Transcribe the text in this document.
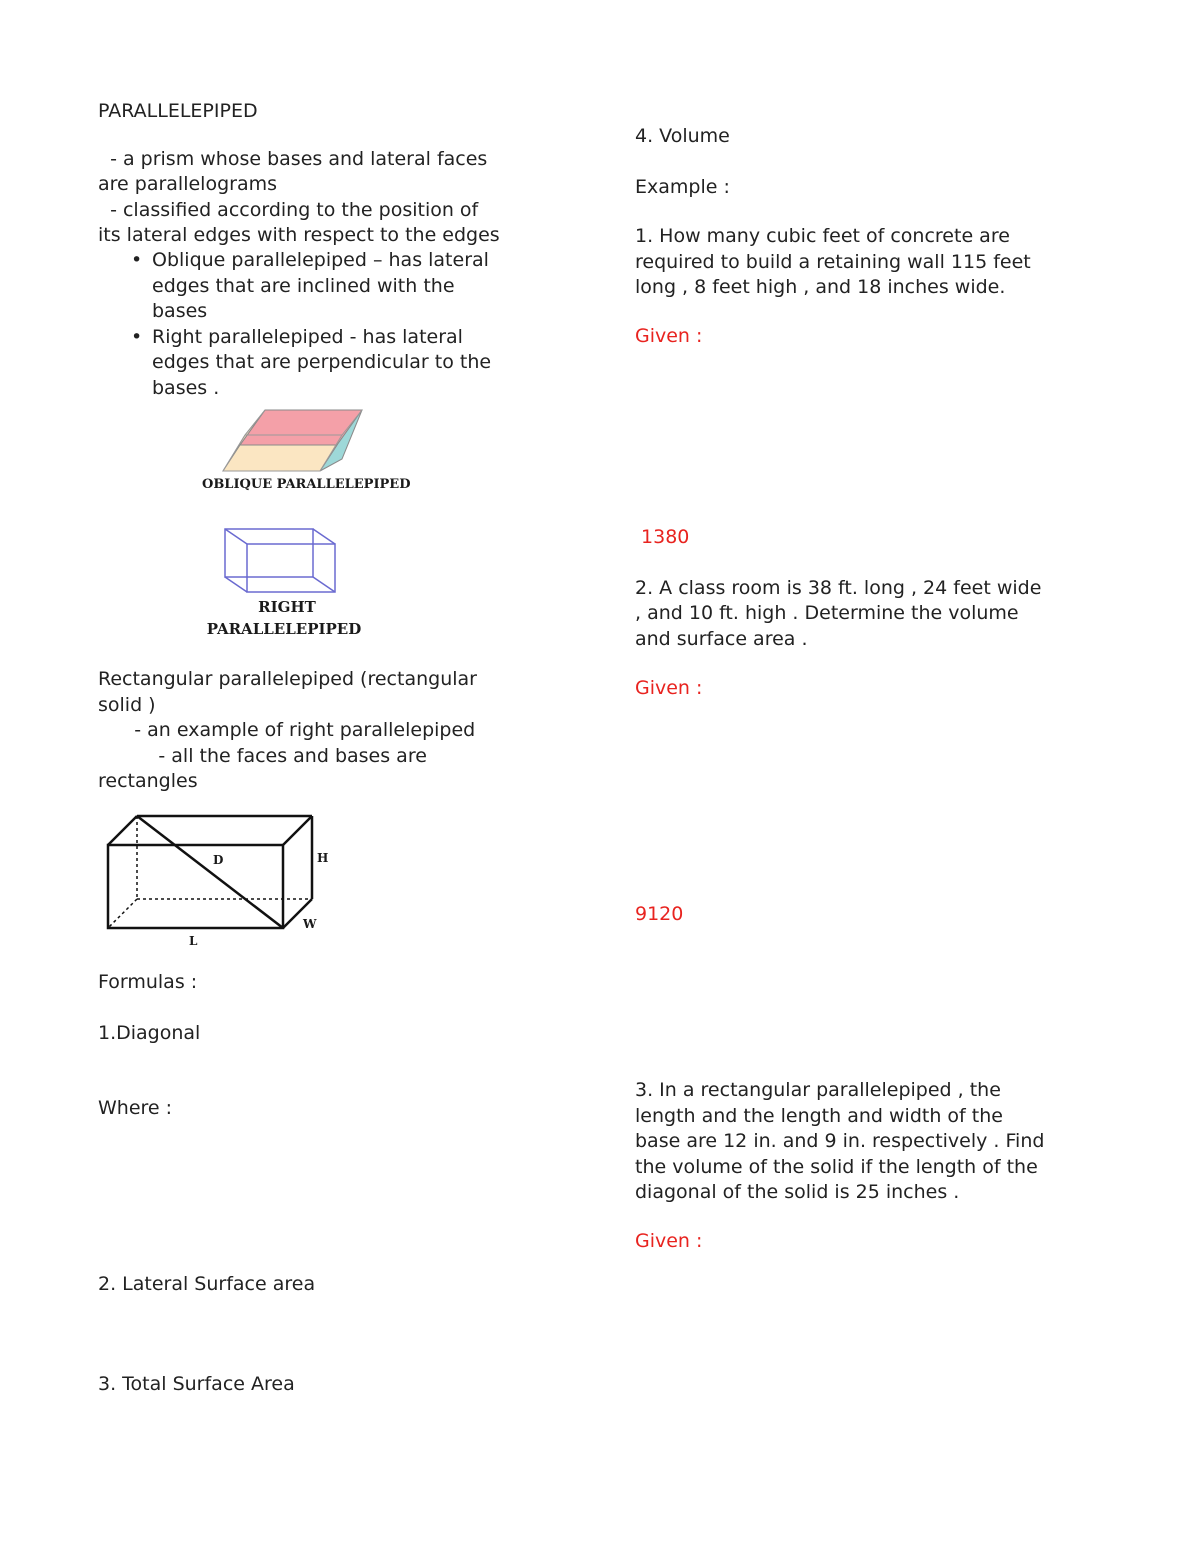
PARALLELEPIPED

- a prism whose bases and lateral faces

are parallelograms

- classified according to the position of

its lateral edges with respect to the edges

• Oblique parallelepiped – has lateral
edges that are inclined with the
bases
• Right parallelepiped - has lateral
edges that are perpendicular to the
bases .
OBLIQUE PARALLELEPIPED
RIGHT
PARALLELEPIPED

Rectangular parallelepiped (rectangular

solid )

- an example of right parallelepiped

- all the faces and bases are

rectangles

D	H
W
L

Formulas :

1.Diagonal

Where :

2. Lateral Surface area

3. Total Surface Area

4. Volume

Example :

1. How many cubic feet of concrete are

required to build a retaining wall 115 feet

long , 8 feet high , and 18 inches wide.

Given :

1380

2. A class room is 38 ft. long , 24 feet wide

, and 10 ft. high . Determine the volume

and surface area .

Given :

9120

3. In a rectangular parallelepiped , the

length and the length and width of the

base are 12 in. and 9 in. respectively . Find

the volume of the solid if the length of the

diagonal of the solid is 25 inches .

Given :
